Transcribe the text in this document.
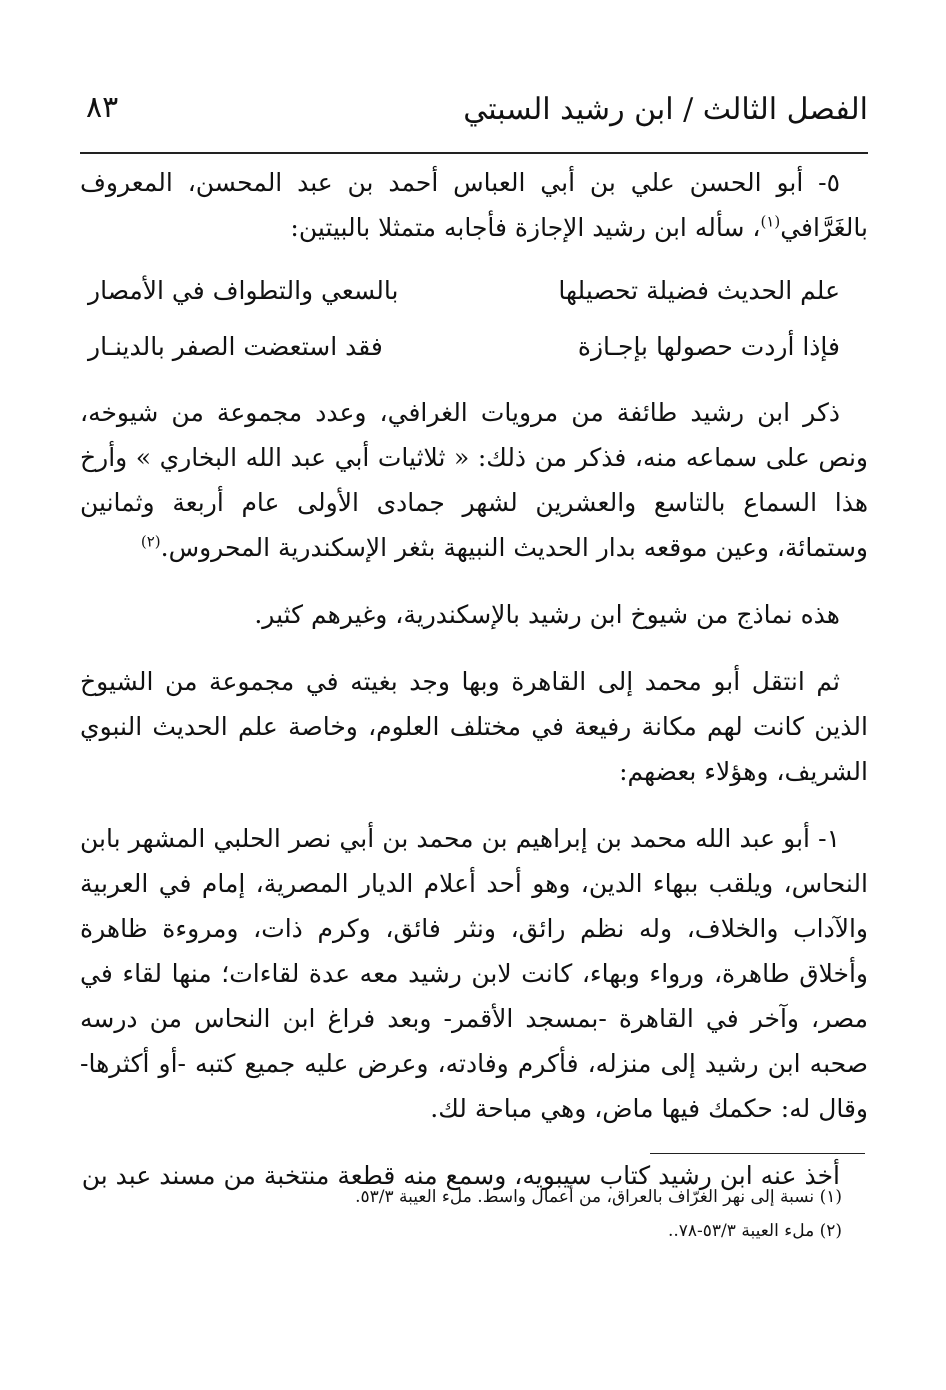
الفصل الثالث / ابن رشيد السبتي
٨٣

٥- أبو الحسن علي بن أبي العباس أحمد بن عبد المحسن، المعروف بالغَرَّافي$^{(١)}$، سأله ابن رشيد الإجازة فأجابه متمثلا بالبيتين:

علم الحديث فضيلة تحصيلها
بالسعي والتطواف في الأمصار
فإذا أردت حصولها بإجـازة
فقد استعضت الصفر بالدينـار

ذكر ابن رشيد طائفة من مرويات الغرافي، وعدد مجموعة من شيوخه، ونص على سماعه منه، فذكر من ذلك: « ثلاثيات أبي عبد الله البخاري » وأرخ هذا السماع بالتاسع والعشرين لشهر جمادى الأولى عام أربعة وثمانين وستمائة، وعين موقعه بدار الحديث النبيهة بثغر الإسكندرية المحروس.$^{(٢)}$

هذه نماذج من شيوخ ابن رشيد بالإسكندرية، وغيرهم كثير.

ثم انتقل أبو محمد إلى القاهرة وبها وجد بغيته في مجموعة من الشيوخ الذين كانت لهم مكانة رفيعة في مختلف العلوم، وخاصة علم الحديث النبوي الشريف، وهؤلاء بعضهم:

١- أبو عبد الله محمد بن إبراهيم بن محمد بن أبي نصر الحلبي المشهر بابن النحاس، ويلقب ببهاء الدين، وهو أحد أعلام الديار المصرية، إمام في العربية والآداب والخلاف، وله نظم رائق، ونثر فائق، وكرم ذات، ومروءة ظاهرة وأخلاق طاهرة، ورواء وبهاء، كانت لابن رشيد معه عدة لقاءات؛ منها لقاء في مصر، وآخر في القاهرة -بمسجد الأقمر- وبعد فراغ ابن النحاس من درسه صحبه ابن رشيد إلى منزله، فأكرم وفادته، وعرض عليه جميع كتبه -أو أكثرها- وقال له: حكمك فيها ماض، وهي مباحة لك.

أخذ عنه ابن رشيد كتاب سيبويه، وسمع منه قطعة منتخبة من مسند عبد بن

(١) نسبة إلى نهر الغرّاف بالعراق، من أعمال واسط. ملء العيبة ٥٣/٣.

(٢) ملء العيبة ٥٣/٣-٧٨..
